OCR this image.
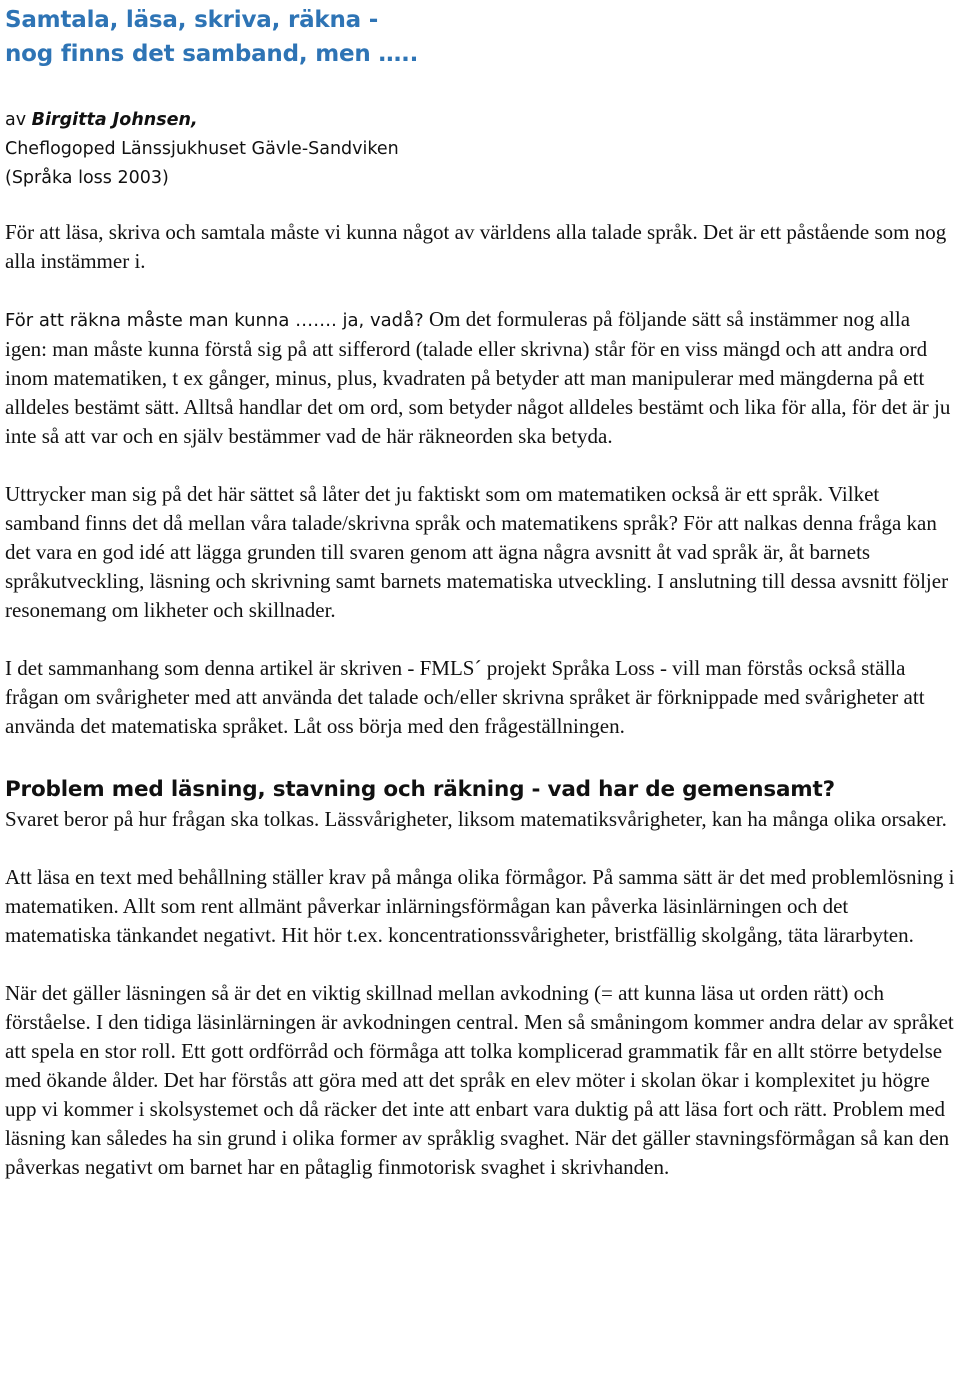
Samtala, läsa, skriva, räkna -
nog finns det samband, men …..
av Birgitta Johnsen,
Cheflogoped Länssjukhuset Gävle-Sandviken
(Språka loss 2003)

För att läsa, skriva och samtala måste vi kunna något av världens alla talade språk. Det är ett påstående som nog alla instämmer i.

För att räkna måste man kunna ……. ja, vadå? Om det formuleras på följande sätt så instämmer nog alla igen: man måste kunna förstå sig på att sifferord (talade eller skrivna) står för en viss mängd och att andra ord inom matematiken, t ex gånger, minus, plus, kvadraten på betyder att man manipulerar med mängderna på ett alldeles bestämt sätt. Alltså handlar det om ord, som betyder något alldeles bestämt och lika för alla, för det är ju inte så att var och en själv bestämmer vad de här räkneorden ska betyda.

Uttrycker man sig på det här sättet så låter det ju faktiskt som om matematiken också är ett språk. Vilket samband finns det då mellan våra talade/skrivna språk och matematikens språk? För att nalkas denna fråga kan det vara en god idé att lägga grunden till svaren genom att ägna några avsnitt åt vad språk är, åt barnets språkutveckling, läsning och skrivning samt barnets matematiska utveckling. I anslutning till dessa avsnitt följer resonemang om likheter och skillnader.

I det sammanhang som denna artikel är skriven - FMLS´ projekt Språka Loss - vill man förstås också ställa frågan om svårigheter med att använda det talade och/eller skrivna språket är förknippade med svårigheter att använda det matematiska språket. Låt oss börja med den frågeställningen.

Problem med läsning, stavning och räkning - vad har de gemensamt?

Svaret beror på hur frågan ska tolkas. Lässvårigheter, liksom matematiksvårigheter, kan ha många olika orsaker.

Att läsa en text med behållning ställer krav på många olika förmågor. På samma sätt är det med problemlösning i matematiken. Allt som rent allmänt påverkar inlärningsförmågan kan påverka läsinlärningen och det matematiska tänkandet negativt. Hit hör t.ex. koncentrationssvårigheter, bristfällig skolgång, täta lärarbyten.

När det gäller läsningen så är det en viktig skillnad mellan avkodning (= att kunna läsa ut orden rätt) och förståelse. I den tidiga läsinlärningen är avkodningen central. Men så småningom kommer andra delar av språket att spela en stor roll. Ett gott ordförråd och förmåga att tolka komplicerad grammatik får en allt större betydelse med ökande ålder. Det har förstås att göra med att det språk en elev möter i skolan ökar i komplexitet ju högre upp vi kommer i skolsystemet och då räcker det inte att enbart vara duktig på att läsa fort och rätt. Problem med läsning kan således ha sin grund i olika former av språklig svaghet. När det gäller stavningsförmågan så kan den påverkas negativt om barnet har en påtaglig finmotorisk svaghet i skrivhanden.
